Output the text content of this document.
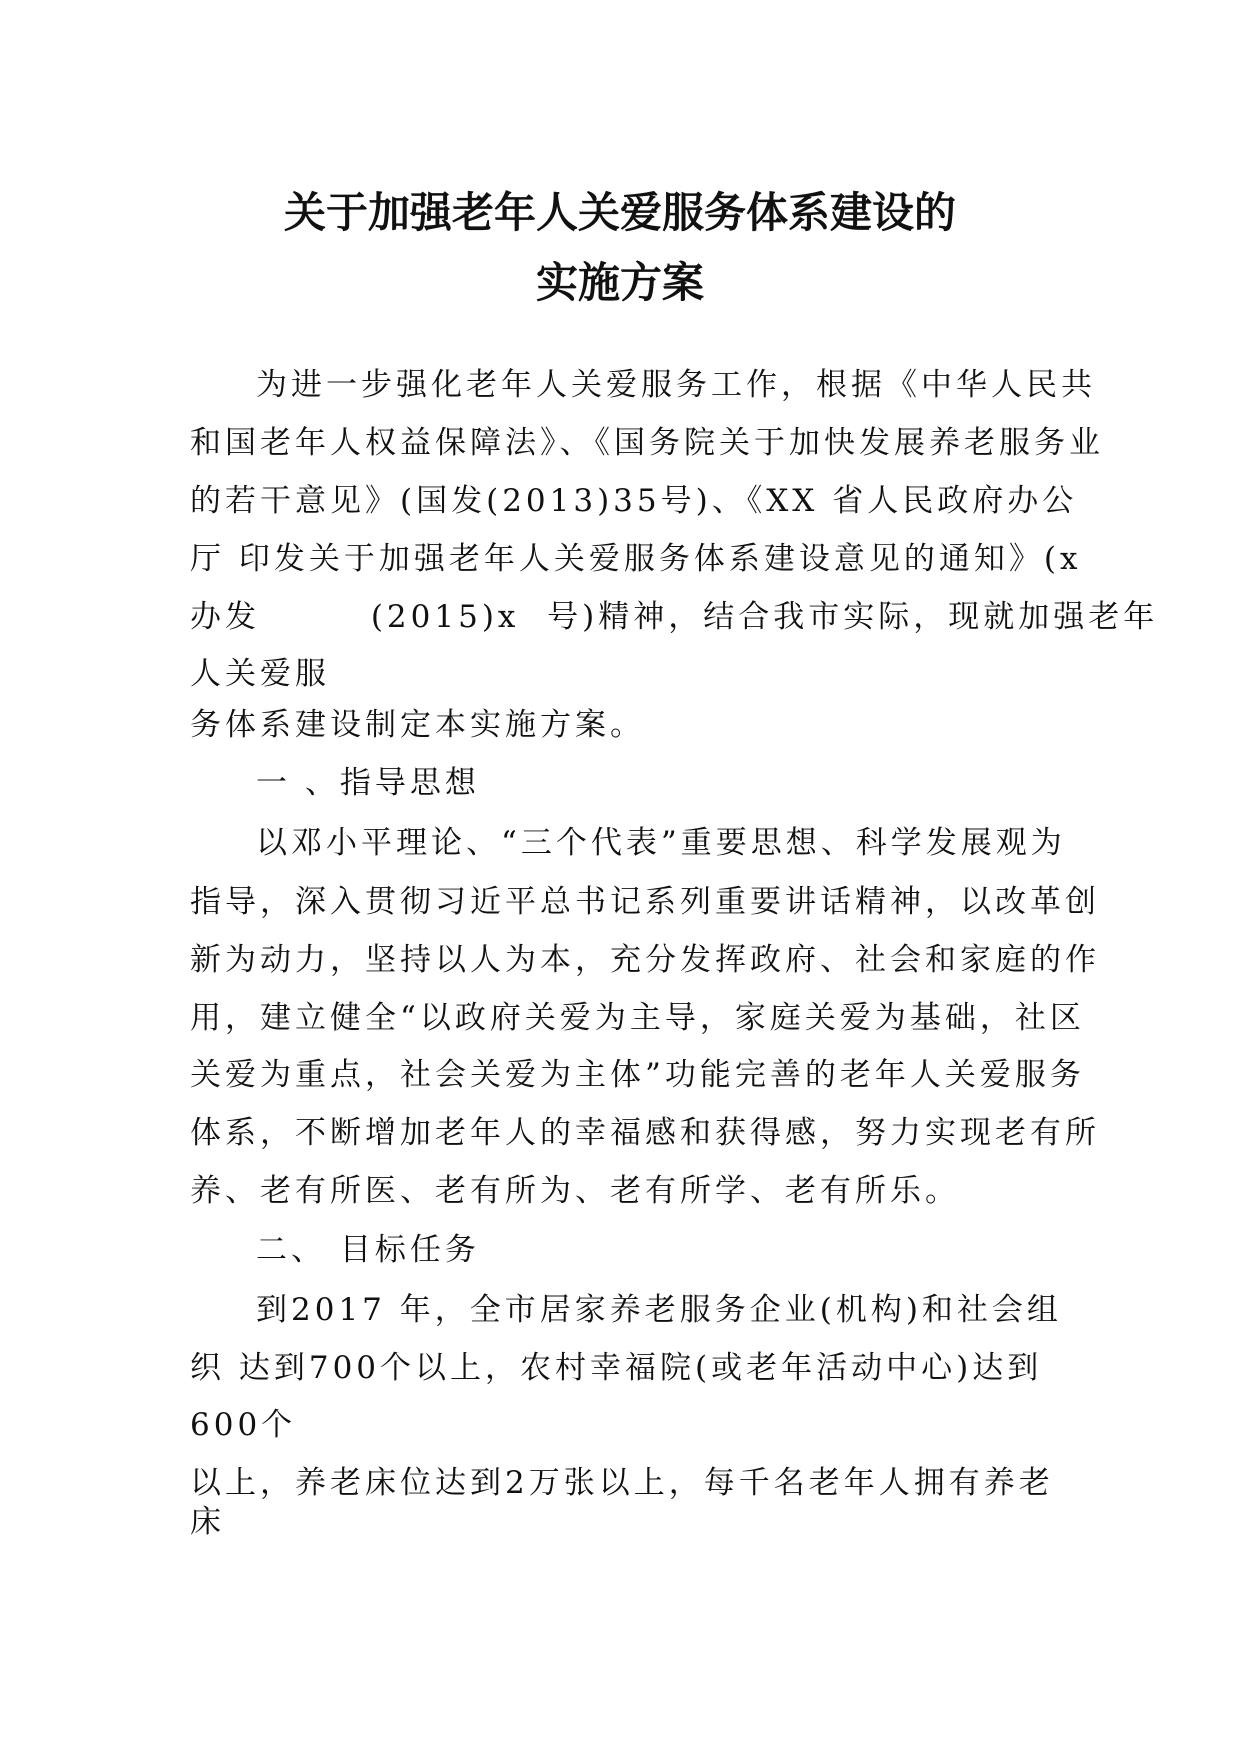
关于加强老年人关爱服务体系建设的
实施方案
为进一步强化老年人关爱服务工作，根据《中华人民共
和国老年人权益保障法》、《国务院关于加快发展养老服务业
的若干意见》(国发(2013)35号)、《XX 省人民政府办公
厅 印发关于加强老年人关爱服务体系建设意见的通知》(x
办发        (2015)x  号)精神，结合我市实际，现就加强老年
人关爱服
务体系建设制定本实施方案。
一 、指导思想
以邓小平理论、“三个代表”重要思想、科学发展观为
指导，深入贯彻习近平总书记系列重要讲话精神，以改革创
新为动力，坚持以人为本，充分发挥政府、社会和家庭的作
用，建立健全“以政府关爱为主导，家庭关爱为基础，社区
关爱为重点，社会关爱为主体”功能完善的老年人关爱服务
体系，不断增加老年人的幸福感和获得感，努力实现老有所
养、老有所医、老有所为、老有所学、老有所乐。
二、 目标任务
到2017 年，全市居家养老服务企业(机构)和社会组
织 达到700个以上，农村幸福院(或老年活动中心)达到
600个
以上，养老床位达到2万张以上，每千名老年人拥有养老
床
